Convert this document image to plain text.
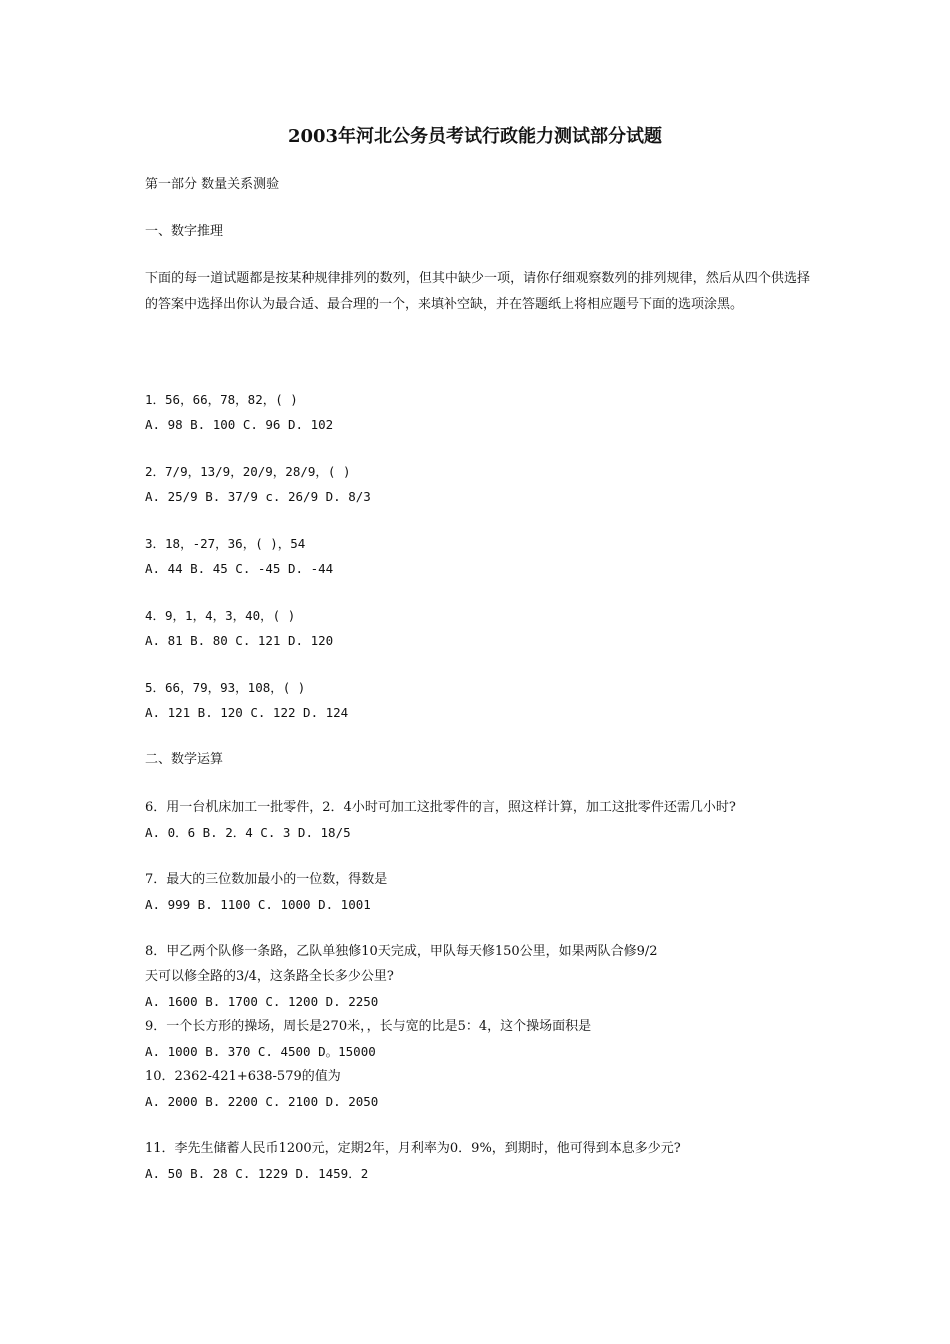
2003年河北公务员考试行政能力测试部分试题
第一部分 数量关系测验
一、数字推理
下面的每一道试题都是按某种规律排列的数列，但其中缺少一项，请你仔细观察数列的排列规律，然后从四个供选择的答案中选择出你认为最合适、最合理的一个，来填补空缺，并在答题纸上将相应题号下面的选项涂黑。
1．56，66，78，82，( )
A. 98 B. 100 C. 96 D. 102
2．7/9，13/9，20/9，28/9，( )
A. 25/9 B. 37/9 c. 26/9 D. 8/3
3．18，-27，36，( )，54
A. 44 B. 45 C. -45 D. -44
4．9，1，4，3，40，( )
A. 81 B. 80 C. 121 D. 120
5．66，79，93，108，( )
A. 121 B. 120 C. 122 D. 124
二、数学运算
6．用一台机床加工一批零件，2．4小时可加工这批零件的言，照这样计算，加工这批零件还需几小时?
A. 0．6 B. 2．4 C. 3 D. 18/5
7．最大的三位数加最小的一位数，得数是
A. 999 B. 1100 C. 1000 D. 1001
8．甲乙两个队修一条路，乙队单独修10天完成，甲队每天修150公里，如果两队合修9/2
天可以修全路的3/4，这条路全长多少公里?
A. 1600 B. 1700 C. 1200 D. 2250
9．一个长方形的操场，周长是270米，，长与宽的比是5：4，这个操场面积是
A. 1000 B. 370 C. 4500 D。15000
10．2362-421+638-579的值为
A. 2000 B. 2200 C. 2100 D. 2050
11．李先生储蓄人民币1200元，定期2年，月利率为0．9%，到期时，他可得到本息多少元?
A. 50 B. 28 C. 1229 D. 1459．2
